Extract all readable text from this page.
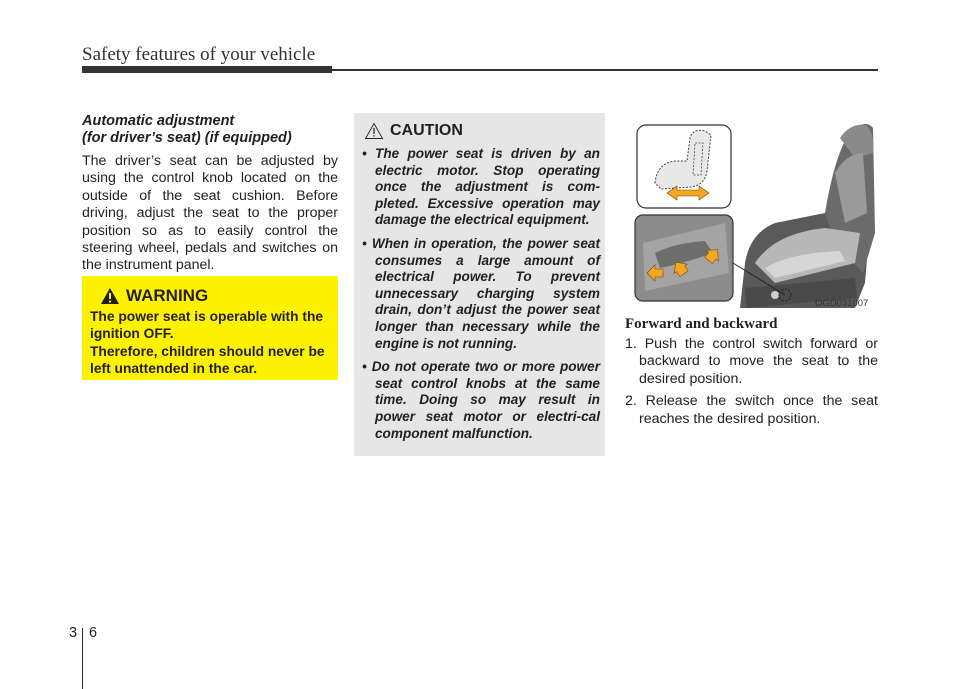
Safety features of your vehicle
Automatic adjustment
(for driver’s seat) (if equipped)

The driver’s seat can be adjusted by using the control knob located on the outside of the seat cushion. Before driving, adjust the seat to the proper position so as to easily control the steering wheel, pedals and switches on the instrument panel.

WARNING
The power seat is operable with the ignition OFF.
Therefore, children should never be left unattended in the car.
CAUTION
• The power seat is driven by an electric motor. Stop operating once the adjustment is com-pleted. Excessive operation may damage the electrical equipment.
• When in operation, the power seat consumes a large amount of electrical power. To prevent unnecessary charging system drain, don’t adjust the power seat longer than necessary while the engine is not running.
• Do not operate two or more power seat control knobs at the same time. Doing so may result in power seat motor or electri-cal component malfunction.
OGD031007
Forward and backward
1. Push the control switch forward or backward to move the seat to the desired position.
2. Release the switch once the seat reaches the desired position.
3 6
